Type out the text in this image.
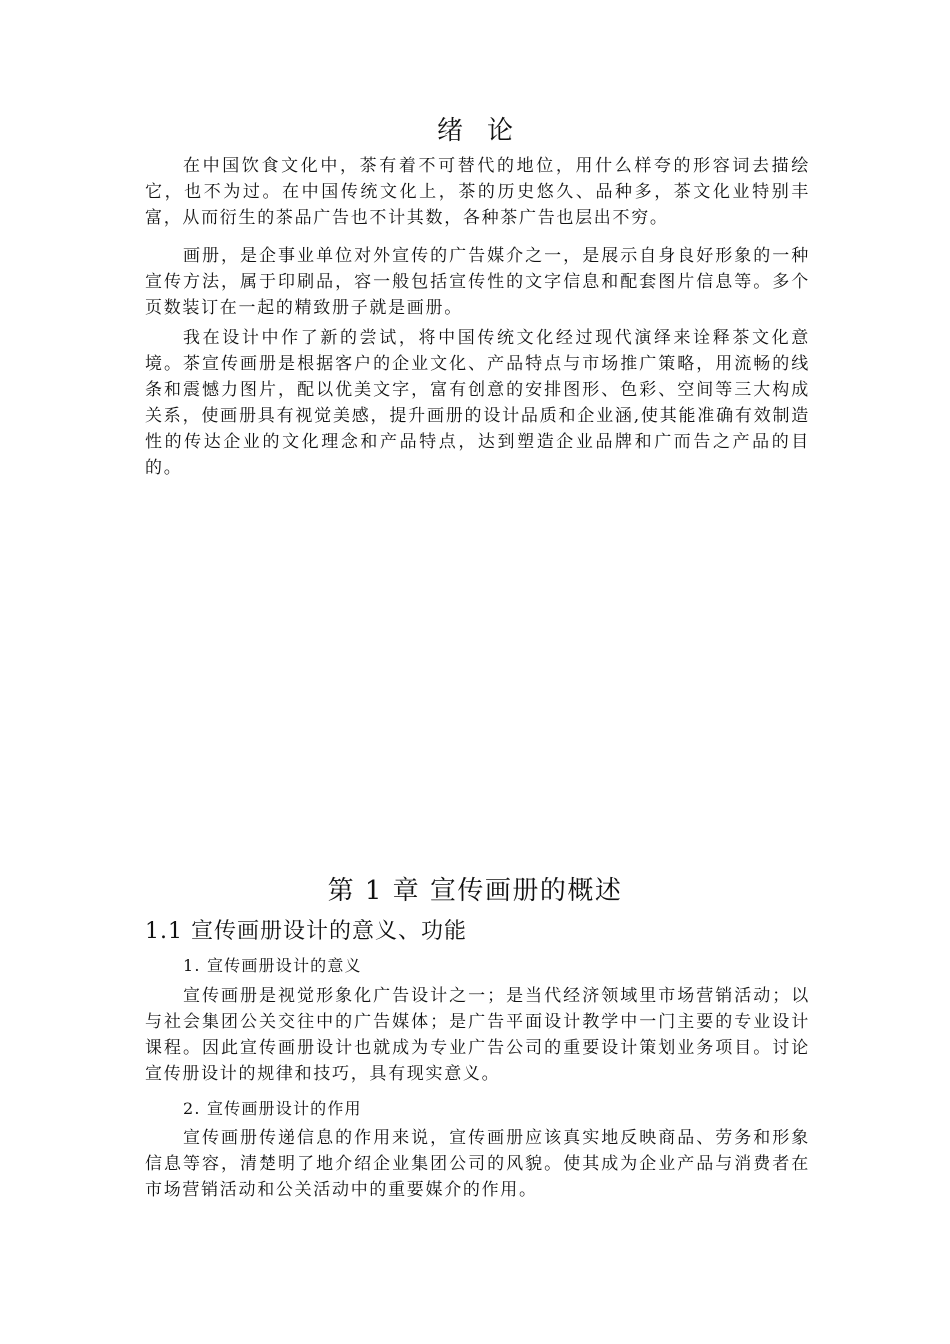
绪论

在中国饮食文化中，茶有着不可替代的地位，用什么样夸的形容词去描绘它，也不为过。在中国传统文化上，茶的历史悠久、品种多，茶文化业特别丰富，从而衍生的茶品广告也不计其数，各种茶广告也层出不穷。

画册，是企事业单位对外宣传的广告媒介之一，是展示自身良好形象的一种宣传方法，属于印刷品，容一般包括宣传性的文字信息和配套图片信息等。多个页数装订在一起的精致册子就是画册。

我在设计中作了新的尝试，将中国传统文化经过现代演绎来诠释茶文化意境。茶宣传画册是根据客户的企业文化、产品特点与市场推广策略，用流畅的线条和震憾力图片，配以优美文字，富有创意的安排图形、色彩、空间等三大构成关系，使画册具有视觉美感，提升画册的设计品质和企业涵,使其能准确有效制造性的传达企业的文化理念和产品特点，达到塑造企业品牌和广而告之产品的目的。

第 1 章 宣传画册的概述
1.1 宣传画册设计的意义、功能
1. 宣传画册设计的意义

宣传画册是视觉形象化广告设计之一；是当代经济领域里市场营销活动；以与社会集团公关交往中的广告媒体；是广告平面设计教学中一门主要的专业设计课程。因此宣传画册设计也就成为专业广告公司的重要设计策划业务项目。讨论宣传册设计的规律和技巧，具有现实意义。

2. 宣传画册设计的作用

宣传画册传递信息的作用来说，宣传画册应该真实地反映商品、劳务和形象信息等容，清楚明了地介绍企业集团公司的风貌。使其成为企业产品与消费者在市场营销活动和公关活动中的重要媒介的作用。
